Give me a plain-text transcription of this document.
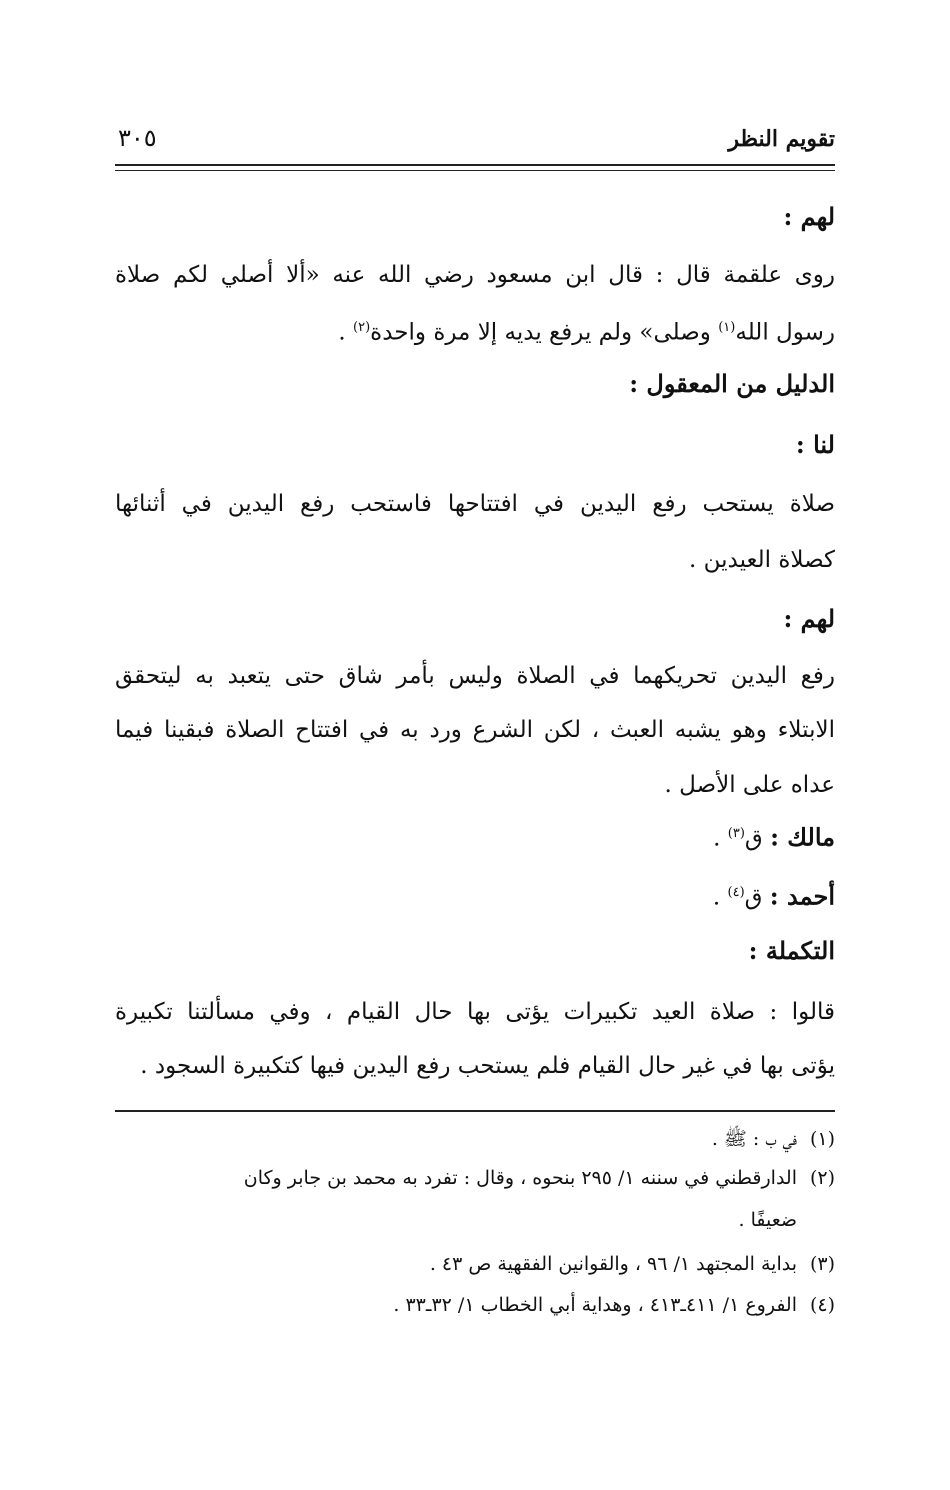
تقويم النظر
٣٠٥
لهم :
روى علقمة قال : قال ابن مسعود رضي الله عنه «ألا أصلي لكم صلاة
رسول الله$^{(١)}$ وصلى» ولم يرفع يديه إلا مرة واحدة$^{(٢)}$ .
الدليل من المعقول :
لنا :
صلاة يستحب رفع اليدين في افتتاحها فاستحب رفع اليدين في أثنائها
كصلاة العيدين .
لهم :
رفع اليدين تحريكهما في الصلاة وليس بأمر شاق حتى يتعبد به ليتحقق
الابتلاء وهو يشبه العبث ، لكن الشرع ورد به في افتتاح الصلاة فبقينا فيما
عداه على الأصل .
مالك : ق$^{(٣)}$ .
أحمد : ق$^{(٤)}$ .
التكملة :
قالوا : صلاة العيد تكبيرات يؤتى بها حال القيام ، وفي مسألتنا تكبيرة
يؤتى بها في غير حال القيام فلم يستحب رفع اليدين فيها كتكبيرة السجود .
(١)في ب : ﷺ .
(٢)الدارقطني في سننه ١/ ٢٩٥ بنحوه ، وقال : تفرد به محمد بن جابر وكان
ضعيفًا .
(٣)بداية المجتهد ١/ ٩٦ ، والقوانين الفقهية ص ٤٣ .
(٤)الفروع ١/ ٤١١ـ٤١٣ ، وهداية أبي الخطاب ١/ ٣٢ـ٣٣ .
